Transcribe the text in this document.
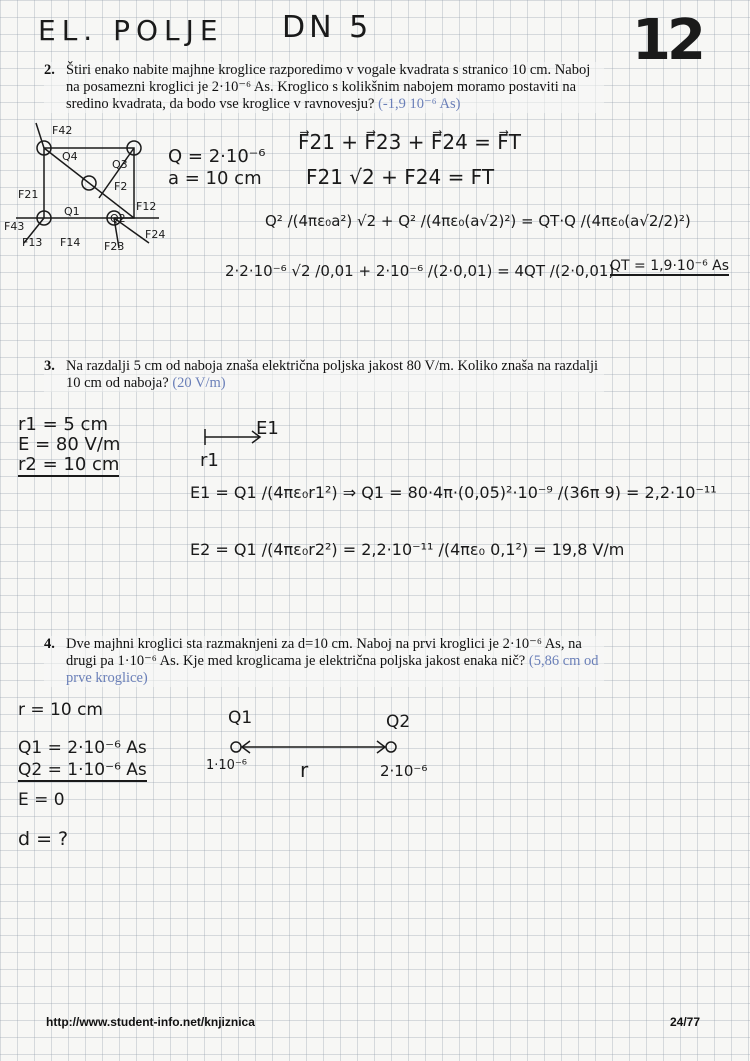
EL. POLJE DN 5	12
2. Štiri enako nabite majhne kroglice razporedimo v vogale kvadrata s stranico 10 cm. Naboj na posamezni kroglici je 2·10⁻⁶ As. Kroglico s kolikšnim nabojem moramo postaviti na sredino kvadrata, da bodo vse kroglice v ravnovesju? (-1,9 10⁻⁶ As)
F42
Q4
Q3
F21
Q1
Q2
F2
F23
F24
F13 F14
F12
F43
Q = 2·10⁻⁶
a = 10 cm
F⃗21 + F⃗23 + F⃗24 = F⃗T
F21 √2 + F24 = FT
Q² /(4πε₀a²) √2 + Q² /(4πε₀(a√2)²) = QT·Q /(4πε₀(a√2/2)²)
2·2·10⁻⁶ √2 /0,01 + 2·10⁻⁶ /(2·0,01) = 4QT /(2·0,01)
QT = 1,9·10⁻⁶ As
3. Na razdalji 5 cm od naboja znaša električna poljska jakost 80 V/m. Koliko znaša na razdalji 10 cm od naboja? (20 V/m)
r1 = 5 cm
E = 80 V/m
r2 = 10 cm
E1
r1
E1 = Q1 /(4πε₀r1²) ⇒ Q1 = 80·4π·(0,05)²·10⁻⁹ /(36π 9) = 2,2·10⁻¹¹
E2 = Q1 /(4πε₀r2²) = 2,2·10⁻¹¹ /(4πε₀ 0,1²) = 19,8 V/m
4. Dve majhni kroglici sta razmaknjeni za d=10 cm. Naboj na prvi kroglici je 2·10⁻⁶ As, na drugi pa 1·10⁻⁶ As. Kje med kroglicama je električna poljska jakost enaka nič? (5,86 cm od prve kroglice)
r = 10 cm
Q1 = 2·10⁻⁶ As
Q2 = 1·10⁻⁶ As
E = 0
d = ?
Q1	Q2
r
1·10⁻⁶	2·10⁻⁶
http://www.student-info.net/knjiznica	24/77
